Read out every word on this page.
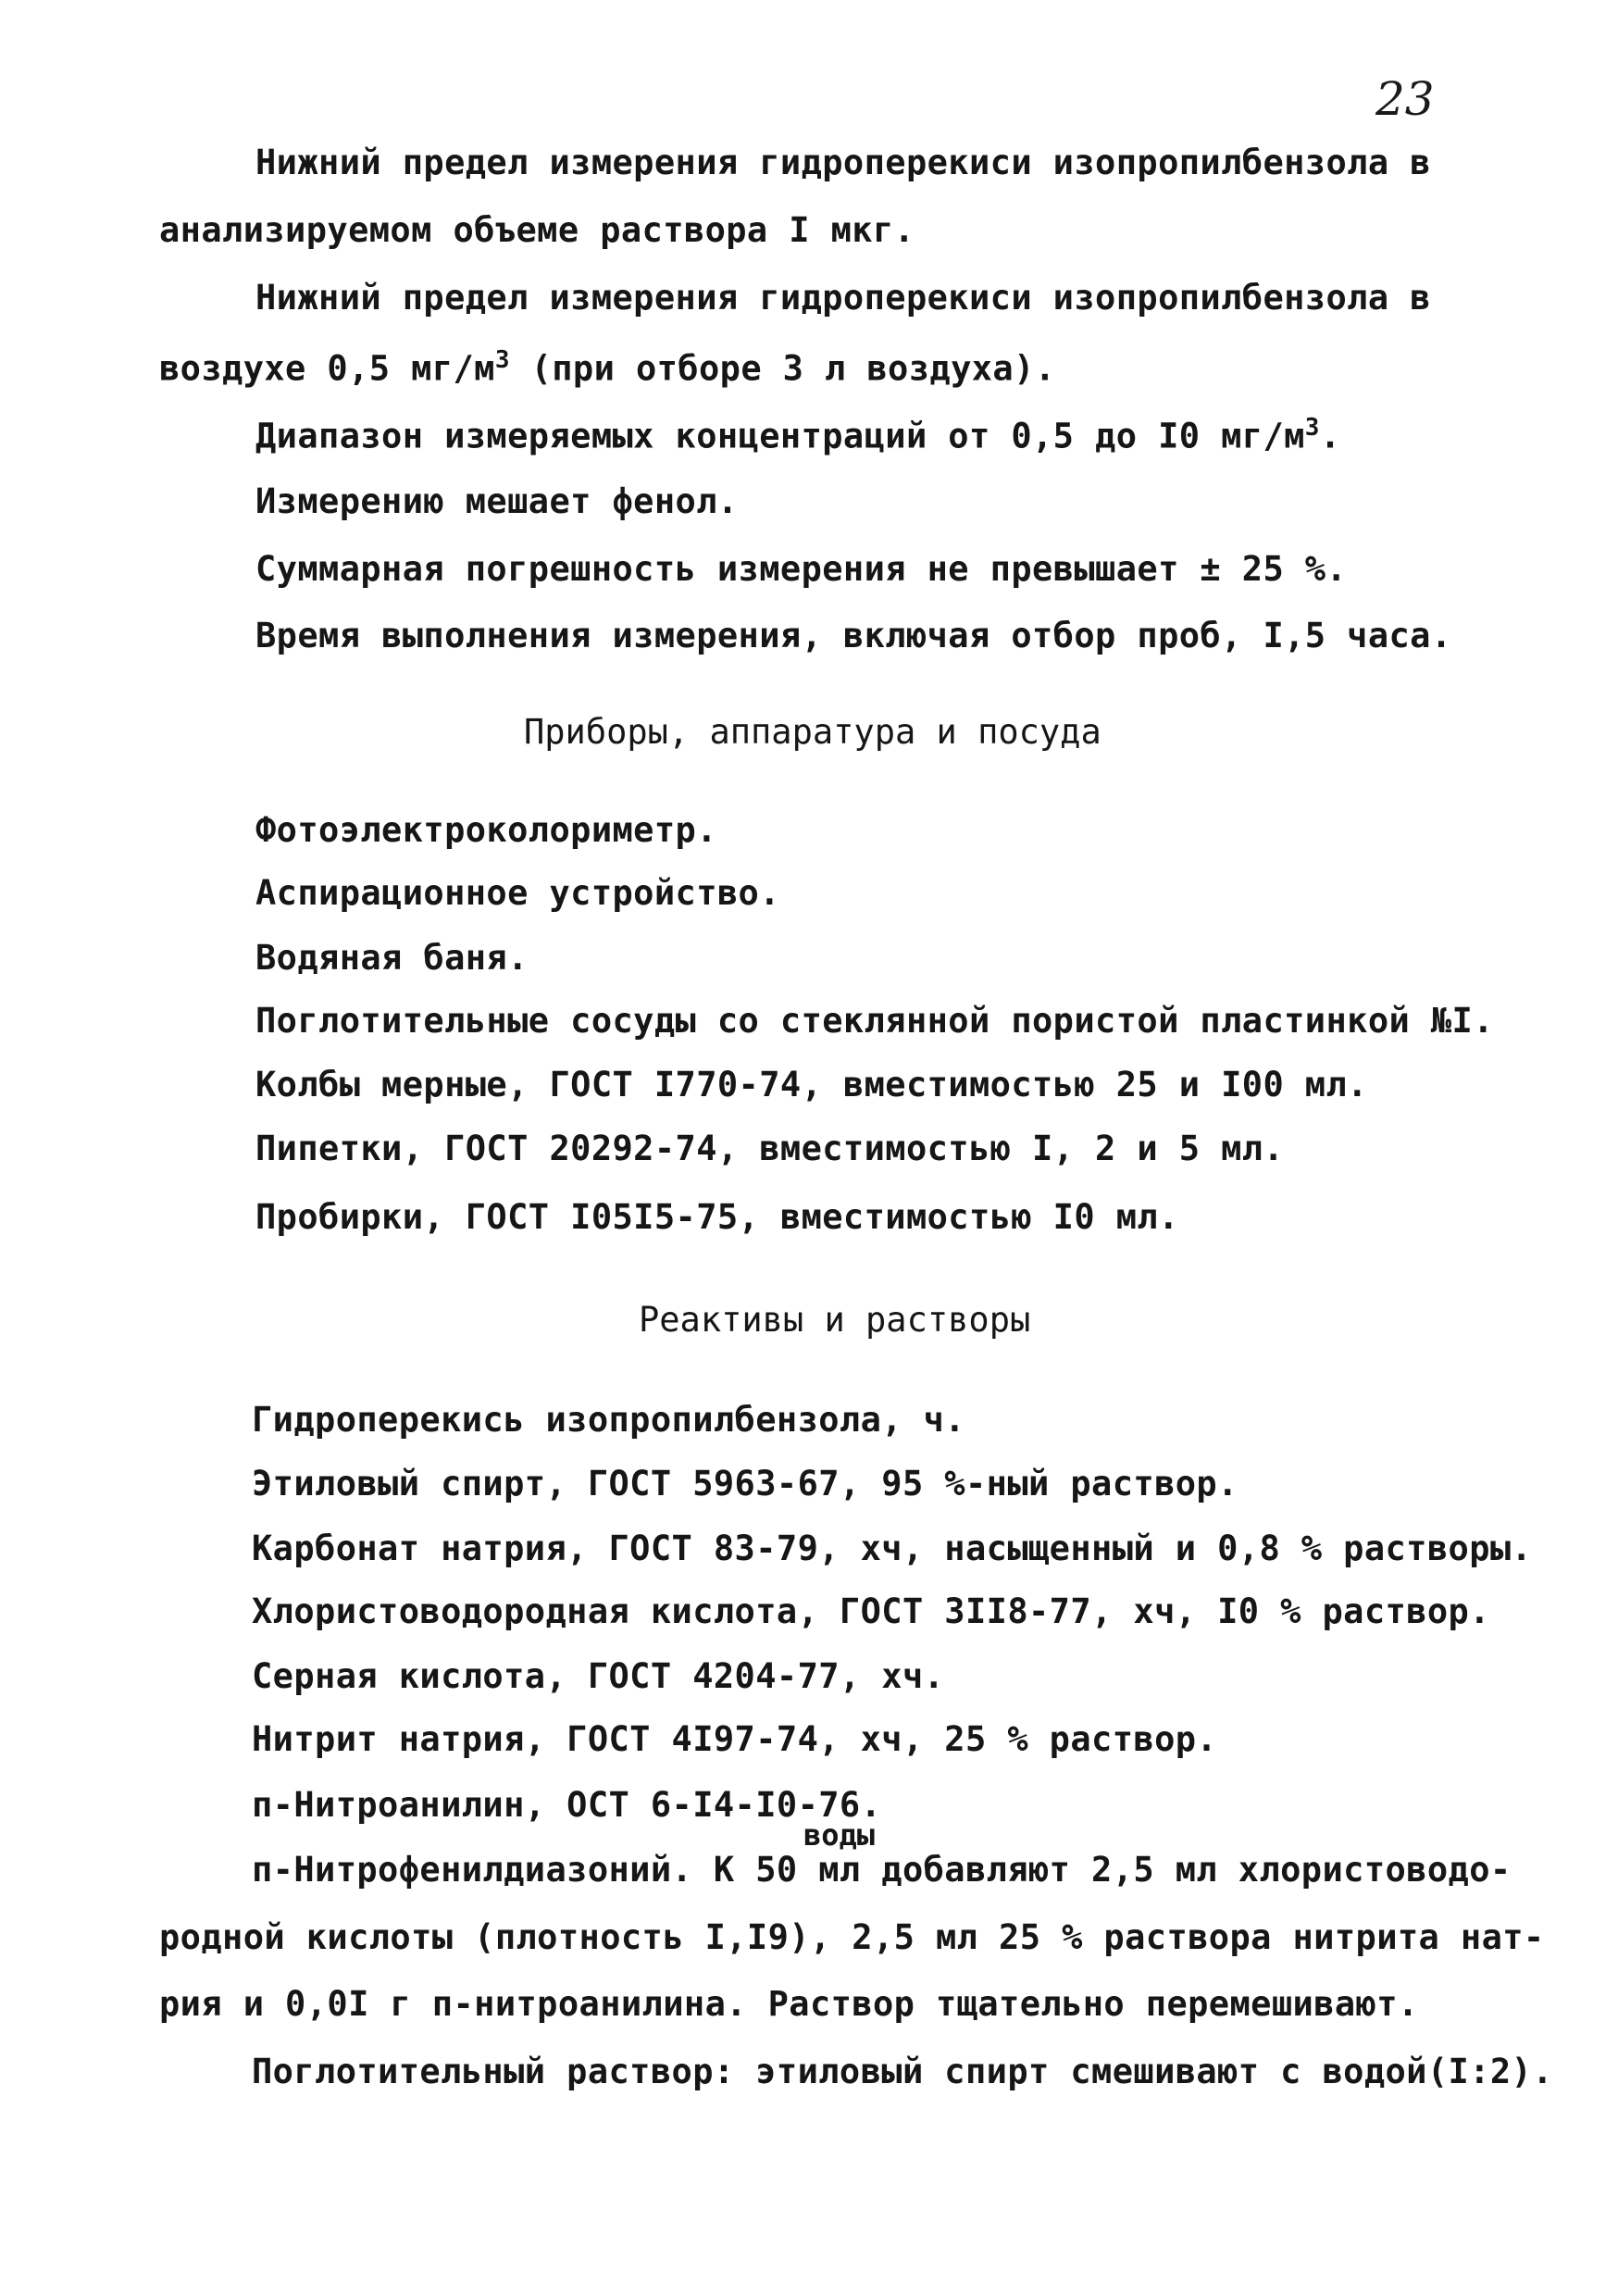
23
Нижний предел измерения гидроперекиси изопропилбензола в
анализируемом объеме раствора I мкг.
Нижний предел измерения гидроперекиси изопропилбензола в
воздухе 0,5 $мг/м^3$ (при отборе 3 л воздуха).
Диапазон измеряемых концентраций от 0,5 до I0 $мг/м^3$.
Измерению мешает фенол.
Суммарная погрешность измерения не превышает ± 25 %.
Время выполнения измерения, включая отбор проб, I,5 часа.
Приборы, аппаратура и посуда
Фотоэлектроколориметр.
Аспирационное устройство.
Водяная баня.
Поглотительные сосуды со стеклянной пористой пластинкой №I.
Колбы мерные, ГОСТ I770-74, вместимостью 25 и I00 мл.
Пипетки, ГОСТ 20292-74, вместимостью I, 2 и 5 мл.
Пробирки, ГОСТ I05I5-75, вместимостью I0 мл.
Реактивы и растворы
Гидроперекись изопропилбензола, ч.
Этиловый спирт, ГОСТ 5963-67, 95 %-ный раствор.
Карбонат натрия, ГОСТ 83-79, хч, насыщенный и 0,8 % растворы.
Хлористоводородная кислота, ГОСТ 3II8-77, хч, I0 % раствор.
Серная кислота, ГОСТ 4204-77, хч.
Нитрит натрия, ГОСТ 4I97-74, хч, 25 % раствор.
п-Нитроанилин, ОСТ 6-I4-I0-76.
воды
п-Нитрофенилдиазоний. К 50 мл добавляют 2,5 мл хлористоводо-
родной кислоты (плотность I,I9), 2,5 мл 25 % раствора нитрита нат-
рия и 0,0I г п-нитроанилина. Раствор тщательно перемешивают.
Поглотительный раствор: этиловый спирт смешивают с водой(I:2).
